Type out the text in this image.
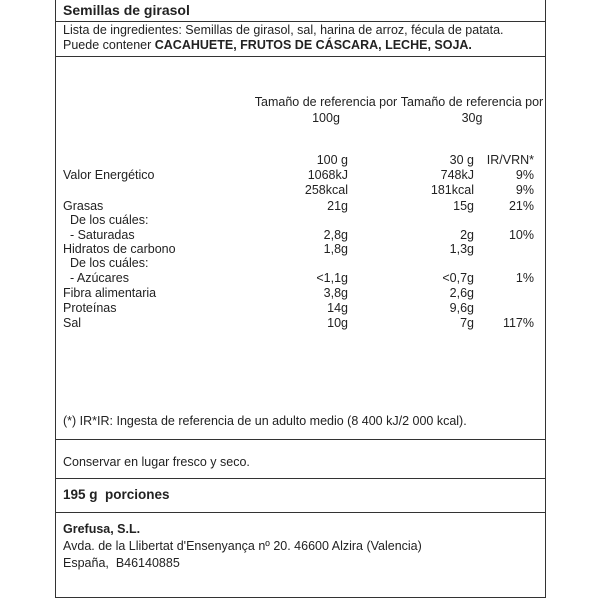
Semillas de girasol
Lista de ingredientes: Semillas de girasol, sal, harina de arroz, fécula de patata.
Puede contener CACAHUETE, FRUTOS DE CÁSCARA, LECHE, SOJA.
Tamaño de referencia por
100g
Tamaño de referencia por
30g
100 g	30 g	IR/VRN*
Valor Energético	1068kJ	748kJ	9%
258kcal	181kcal	9%
Grasas	21g	15g	21%
De los cuáles:
- Saturadas	2,8g	2g	10%
Hidratos de carbono	1,8g	1,3g
De los cuáles:
- Azúcares	<1,1g	<0,7g	1%
Fibra alimentaria	3,8g	2,6g
Proteínas	14g	9,6g
Sal	10g	7g	117%
(*) IR*IR: Ingesta de referencia de un adulto medio (8 400 kJ/2 000 kcal).
Conservar en lugar fresco y seco.
195 g  porciones
Grefusa, S.L.
Avda. de la Llibertat d'Ensenyança nº 20. 46600 Alzira (Valencia)
España,  B46140885
